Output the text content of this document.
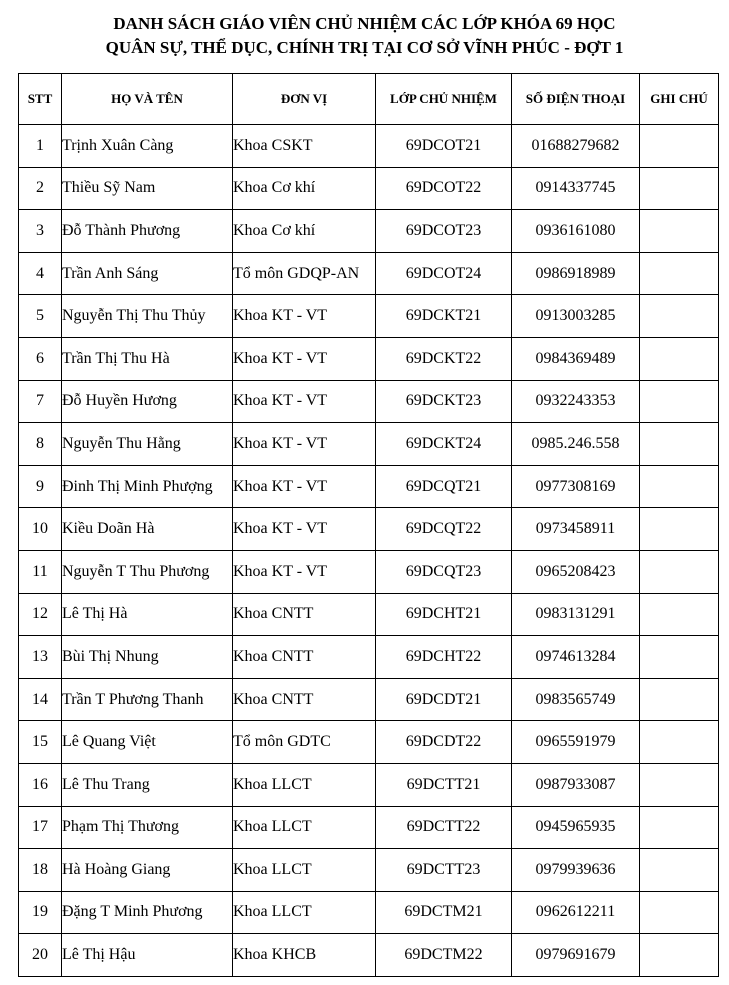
DANH SÁCH GIÁO VIÊN CHỦ NHIỆM CÁC LỚP KHÓA 69 HỌC
QUÂN SỰ, THỂ DỤC, CHÍNH TRỊ TẠI CƠ SỞ VĨNH PHÚC - ĐỢT 1
STT	HỌ VÀ TÊN	ĐƠN VỊ	LỚP CHỦ NHIỆM	SỐ ĐIỆN THOẠI	GHI CHÚ
1	Trịnh Xuân Càng	Khoa CSKT	69DCOT21	01688279682	
2	Thiều Sỹ Nam	Khoa Cơ khí	69DCOT22	0914337745	
3	Đỗ Thành Phương	Khoa Cơ khí	69DCOT23	0936161080	
4	Trần Anh Sáng	Tổ môn GDQP-AN	69DCOT24	0986918989	
5	Nguyễn Thị Thu Thủy	Khoa KT - VT	69DCKT21	0913003285	
6	Trần Thị Thu Hà	Khoa KT - VT	69DCKT22	0984369489	
7	Đỗ Huyền Hương	Khoa KT - VT	69DCKT23	0932243353	
8	Nguyễn Thu Hằng	Khoa KT - VT	69DCKT24	0985.246.558	
9	Đinh Thị Minh Phượng	Khoa KT - VT	69DCQT21	0977308169	
10	Kiều Doãn Hà	Khoa KT - VT	69DCQT22	0973458911	
11	Nguyễn T Thu Phương	Khoa KT - VT	69DCQT23	0965208423	
12	Lê Thị Hà	Khoa CNTT	69DCHT21	0983131291	
13	Bùi Thị Nhung	Khoa CNTT	69DCHT22	0974613284	
14	Trần T Phương Thanh	Khoa CNTT	69DCDT21	0983565749	
15	Lê Quang Việt	Tổ môn GDTC	69DCDT22	0965591979	
16	Lê Thu Trang	Khoa LLCT	69DCTT21	0987933087	
17	Phạm Thị Thương	Khoa LLCT	69DCTT22	0945965935	
18	Hà Hoàng Giang	Khoa LLCT	69DCTT23	0979939636	
19	Đặng T Minh Phương	Khoa LLCT	69DCTM21	0962612211	
20	Lê Thị Hậu	Khoa KHCB	69DCTM22	0979691679	
